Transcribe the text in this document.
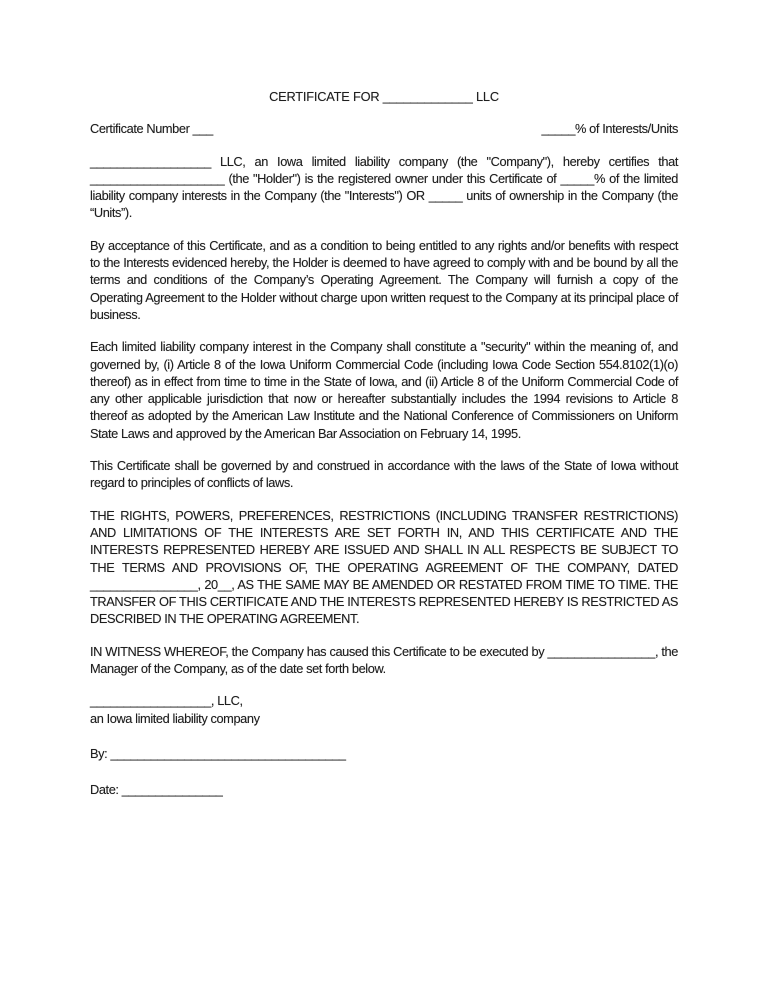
CERTIFICATE FOR _____________ LLC
Certificate Number ___	_____% of Interests/Units

__________________ LLC, an Iowa limited liability company (the "Company"), hereby certifies that ____________________ (the "Holder") is the registered owner under this Certificate of _____% of the limited liability company interests in the Company (the "Interests") OR _____ units of ownership in the Company (the “Units”).

By acceptance of this Certificate, and as a condition to being entitled to any rights and/or benefits with respect to the Interests evidenced hereby, the Holder is deemed to have agreed to comply with and be bound by all the terms and conditions of the Company’s Operating Agreement. The Company will furnish a copy of the Operating Agreement to the Holder without charge upon written request to the Company at its principal place of business.

Each limited liability company interest in the Company shall constitute a "security" within the meaning of, and governed by, (i) Article 8 of the Iowa Uniform Commercial Code (including Iowa Code Section 554.8102(1)(o) thereof) as in effect from time to time in the State of Iowa, and (ii) Article 8 of the Uniform Commercial Code of any other applicable jurisdiction that now or hereafter substantially includes the 1994 revisions to Article 8 thereof as adopted by the American Law Institute and the National Conference of Commissioners on Uniform State Laws and approved by the American Bar Association on February 14, 1995.

This Certificate shall be governed by and construed in accordance with the laws of the State of Iowa without regard to principles of conflicts of laws.

THE RIGHTS, POWERS, PREFERENCES, RESTRICTIONS (INCLUDING TRANSFER RESTRICTIONS) AND LIMITATIONS OF THE INTERESTS ARE SET FORTH IN, AND THIS CERTIFICATE AND THE INTERESTS REPRESENTED HEREBY ARE ISSUED AND SHALL IN ALL RESPECTS BE SUBJECT TO THE TERMS AND PROVISIONS OF, THE OPERATING AGREEMENT OF THE COMPANY, DATED ________________, 20__, AS THE SAME MAY BE AMENDED OR RESTATED FROM TIME TO TIME. THE TRANSFER OF THIS CERTIFICATE AND THE INTERESTS REPRESENTED HEREBY IS RESTRICTED AS DESCRIBED IN THE OPERATING AGREEMENT.

IN WITNESS WHEREOF, the Company has caused this Certificate to be executed by ________________, the Manager of the Company, as of the date set forth below.

__________________, LLC,

an Iowa limited liability company

By: ___________________________________

Date: _______________
